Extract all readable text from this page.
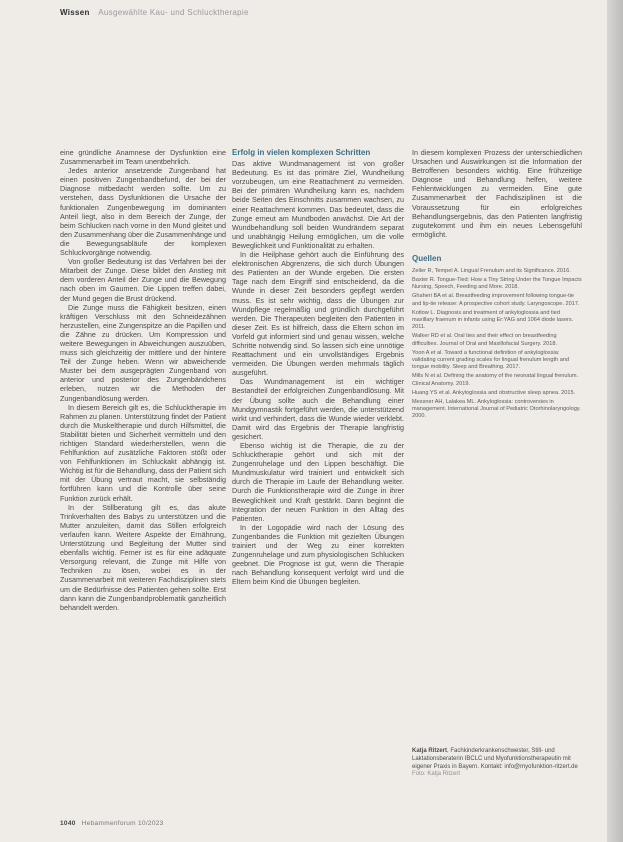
Wissen Ausgewählte Kau- und Schlucktherapie

eine gründliche Anamnese der Dysfunktion eine Zusammenarbeit im Team unentbehrlich.

Jedes anterior ansetzende Zungenband hat einen positiven Zungenbandbefund, der bei der Diagnose mitbedacht werden sollte. Um zu verstehen, dass Dysfunktionen die Ursache der funktionalen Zungenbewegung im dominanten Anteil liegt, also in dem Bereich der Zunge, der beim Schlucken nach vorne in den Mund gleitet und den Zusammenhang über die Zusammenhänge und die Bewegungsabläufe der komplexen Schluckvorgänge notwendig.

Von großer Bedeutung ist das Verfahren bei der Mitarbeit der Zunge. Diese bildet den Anstieg mit dem vorderen Anteil der Zunge und die Bewegung nach oben im Gaumen. Die Lippen treffen dabei, der Mund gegen die Brust drückend.

Die Zunge muss die Fähigkeit besitzen, einen kräftigen Verschluss mit den Schneidezähnen herzustellen, eine Zungenspitze an die Papillen und die Zähne zu drücken. Um Kompression und weitere Bewegungen in Abweichungen auszuüben, muss sich gleichzeitig der mittlere und der hintere Teil der Zunge heben. Wenn wir abweichende Muster bei dem ausgeprägten Zungenband von anterior und posterior des Zungenbändchens erleben, nutzen wir die Methoden der Zungenbandlösung werden.

In diesem Bereich gilt es, die Schlucktherapie im Rahmen zu planen. Unterstützung findet der Patient durch die Muskeltherapie und durch Hilfsmittel, die Stabilität bieten und Sicherheit vermitteln und den richtigen Standard wiederherstellen, wenn die Fehlfunktion auf zusätzliche Faktoren stößt oder von Fehlfunktionen im Schluckakt abhängig ist. Wichtig ist für die Behandlung, dass der Patient sich mit der Übung vertraut macht, sie selbständig fortführen kann und die Kontrolle über seine Funktion zurück erhält.

In der Stillberatung gilt es, das akute Trinkverhalten des Babys zu unterstützen und die Mutter anzuleiten, damit das Stillen erfolgreich verlaufen kann. Weitere Aspekte der Ernährung, Unterstützung und Begleitung der Mutter sind ebenfalls wichtig. Ferner ist es für eine adäquate Versorgung relevant, die Zunge mit Hilfe von Techniken zu lösen, wobei es in der Zusammenarbeit mit weiteren Fachdisziplinen stets um die Bedürfnisse des Patienten gehen sollte. Erst dann kann die Zungenbandproblematik ganzheitlich behandelt werden.

Erfolg in vielen komplexen Schritten

Das aktive Wundmanagement ist von großer Bedeutung. Es ist das primäre Ziel, Wundheilung vorzubeugen, um eine Reattachment zu vermeiden. Bei der primären Wundheilung kann es, nachdem beide Seiten des Einschnitts zusammen wachsen, zu einer Reattachment kommen. Das bedeutet, dass die Zunge erneut am Mundboden anwächst. Die Art der Wundbehandlung soll beiden Wundrändern separat und unabhängig Heilung ermöglichen, um die volle Beweglichkeit und Funktionalität zu erhalten.

In die Heilphase gehört auch die Einführung des elektronischen Abgrenzens, die sich durch Übungen des Patienten an der Wunde ergeben. Die ersten Tage nach dem Eingriff sind entscheidend, da die Wunde in dieser Zeit besonders gepflegt werden muss. Es ist sehr wichtig, dass die Übungen zur Wundpflege regelmäßig und gründlich durchgeführt werden. Die Therapeuten begleiten den Patienten in dieser Zeit. Es ist hilfreich, dass die Eltern schon im Vorfeld gut informiert sind und genau wissen, welche Schritte notwendig sind. So lassen sich eine unnötige Reattachment und ein unvollständiges Ergebnis vermeiden. Die Übungen werden mehrmals täglich ausgeführt.

Das Wundmanagement ist ein wichtiger Bestandteil der erfolgreichen Zungenbandlösung. Mit der Übung sollte auch die Behandlung einer Mundgymnastik fortgeführt werden, die unterstützend wirkt und verhindert, dass die Wunde wieder verklebt. Damit wird das Ergebnis der Therapie langfristig gesichert.

Ebenso wichtig ist die Therapie, die zu der Schlucktherapie gehört und sich mit der Zungenruhelage und den Lippen beschäftigt. Die Mundmuskulatur wird trainiert und entwickelt sich durch die Therapie im Laufe der Behandlung weiter. Durch die Funktionstherapie wird die Zunge in ihrer Beweglichkeit und Kraft gestärkt. Dann beginnt die Integration der neuen Funktion in den Alltag des Patienten.

In der Logopädie wird nach der Lösung des Zungenbandes die Funktion mit gezielten Übungen trainiert und der Weg zu einer korrekten Zungenruhelage und zum physiologischen Schlucken geebnet. Die Prognose ist gut, wenn die Therapie nach Behandlung konsequent verfolgt wird und die Eltern beim Kind die Übungen begleiten.

In diesem komplexen Prozess der unterschiedlichen Ursachen und Auswirkungen ist die Information der Betroffenen besonders wichtig. Eine frühzeitige Diagnose und Behandlung helfen, weitere Fehlentwicklungen zu vermeiden. Eine gute Zusammenarbeit der Fachdisziplinen ist die Voraussetzung für ein erfolgreiches Behandlungsergebnis, das den Patienten langfristig zugutekommt und ihm ein neues Lebensgefühl ermöglicht.

Quellen
Zeller R, Tempel A. Lingual Frenulum and its Significance. 2016.
Baxter R. Tongue-Tied: How a Tiny String Under the Tongue Impacts Nursing, Speech, Feeding and More. 2018.
Ghaheri BA et al. Breastfeeding improvement following tongue-tie and lip-tie release: A prospective cohort study. Laryngoscope. 2017.
Kotlow L. Diagnosis and treatment of ankyloglossia and tied maxillary fraenum in infants using Er:YAG and 1064 diode lasers. 2011.
Walker RD et al. Oral ties and their effect on breastfeeding difficulties. Journal of Oral and Maxillofacial Surgery. 2018.
Yoon A et al. Toward a functional definition of ankyloglossia: validating current grading scales for lingual frenulum length and tongue mobility. Sleep and Breathing. 2017.
Mills N et al. Defining the anatomy of the neonatal lingual frenulum. Clinical Anatomy. 2019.
Huang YS et al. Ankyloglossia and obstructive sleep apnea. 2015.
Messner AH, Lalakea ML. Ankyloglossia: controversies in management. International Journal of Pediatric Otorhinolaryngology. 2000.
Katja Ritzert, Fachkinderkrankenschwester, Still- und Laktationsberaterin IBCLC und Myofunktionstherapeutin mit eigener Praxis in Bayern. Kontakt: info@myofunktion-ritzert.de
Foto: Katja Ritzert
1040 Hebammenforum 10/2023
